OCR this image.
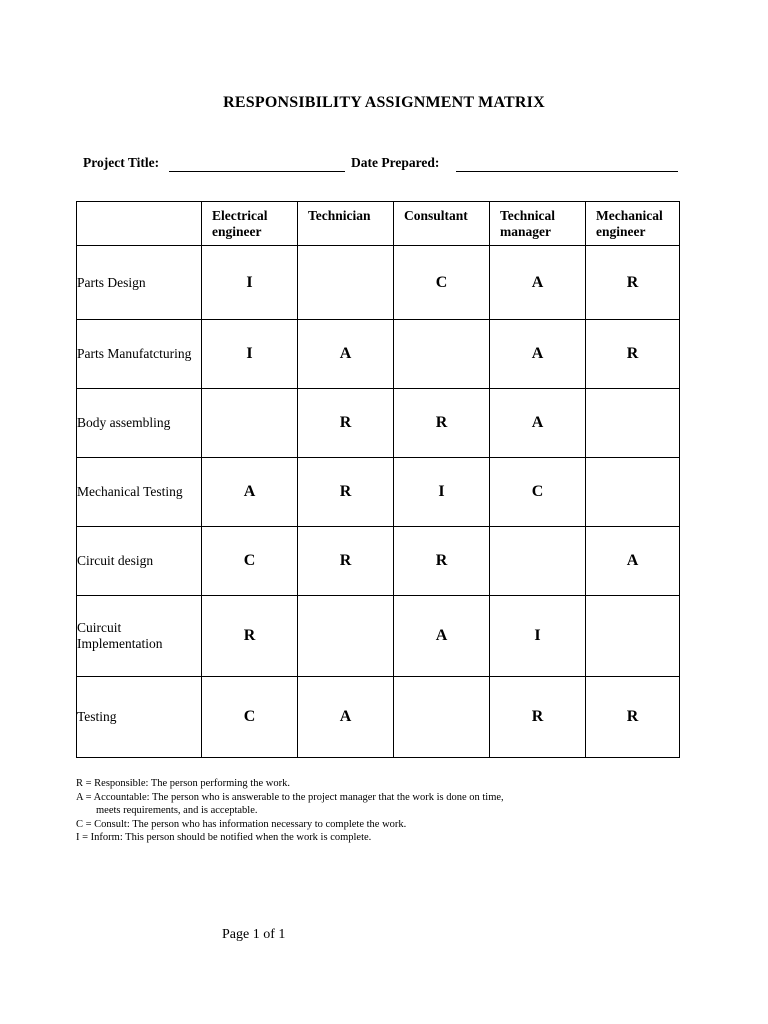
RESPONSIBILITY ASSIGNMENT MATRIX
Project Title:	Date Prepared:
	Electrical engineer	Technician	Consultant	Technical manager	Mechanical engineer
Parts Design	I		C	A	R
Parts Manufatcturing	I	A		A	R
Body assembling		R	R	A	
Mechanical Testing	A	R	I	C	
Circuit design	C	R	R		A
Cuircuit Implementation	R		A	I	
Testing	C	A		R	R
R = Responsible: The person performing the work.
A = Accountable: The person who is answerable to the project manager that the work is done on time,
meets requirements, and is acceptable.
C = Consult: The person who has information necessary to complete the work.
I = Inform: This person should be notified when the work is complete.
Page 1 of 1
